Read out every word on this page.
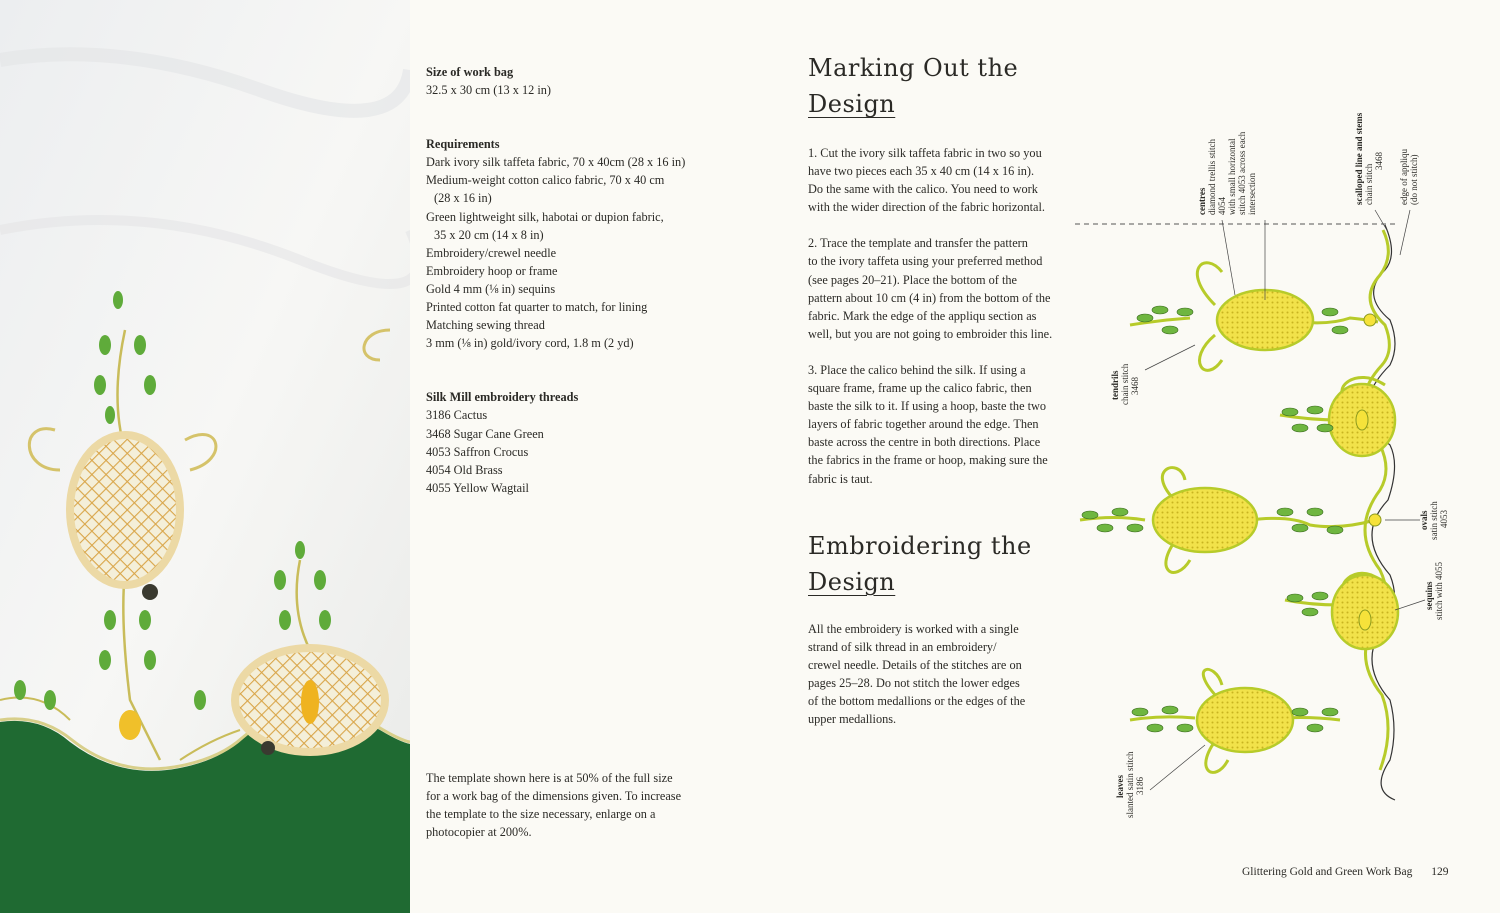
Size of work bag

32.5 x 30 cm (13 x 12 in)

Requirements

Dark ivory silk taffeta fabric, 70 x 40cm (28 x 16 in)

Medium-weight cotton calico fabric, 70 x 40 cm

(28 x 16 in)

Green lightweight silk, habotai or dupion fabric,

35 x 20 cm (14 x 8 in)

Embroidery/crewel needle

Embroidery hoop or frame

Gold 4 mm (⅛ in) sequins

Printed cotton fat quarter to match, for lining

Matching sewing thread

3 mm (⅛ in) gold/ivory cord, 1.8 m (2 yd)

Silk Mill embroidery threads

3186 Cactus

3468 Sugar Cane Green

4053 Saffron Crocus

4054 Old Brass

4055 Yellow Wagtail

The template shown here is at 50% of the full size

for a work bag of the dimensions given. To increase

the template to the size necessary, enlarge on a

photocopier at 200%.

Marking Out the
Design

1. Cut the ivory silk taffeta fabric in two so you

have two pieces each 35 x 40 cm (14 x 16 in).

Do the same with the calico. You need to work

with the wider direction of the fabric horizontal.

2. Trace the template and transfer the pattern

to the ivory taffeta using your preferred method

(see pages 20–21). Place the bottom of the

pattern about 10 cm (4 in) from the bottom of the

fabric. Mark the edge of the appliqu section as

well, but you are not going to embroider this line.

3. Place the calico behind the silk. If using a

square frame, frame up the calico fabric, then

baste the silk to it. If using a hoop, baste the two

layers of fabric together around the edge. Then

baste across the centre in both directions. Place

the fabrics in the frame or hoop, making sure the

fabric is taut.

Embroidering the
Design

All the embroidery is worked with a single

strand of silk thread in an embroidery/

crewel needle. Details of the stitches are on

pages 25–28. Do not stitch the lower edges

of the bottom medallions or the edges of the

upper medallions.

centres diamond trellis stitch 4054 with small horizontal stitch 4053 across each intersection	scalloped line and stems chain stitch
3468 edge of appliqu (do not stitch)
tendrils chain stitch 3468
ovals satin stitch 4053
sequins stitch with 4055
leaves slanted satin stitch 3186
Glittering Gold and Green Work Bag 129
